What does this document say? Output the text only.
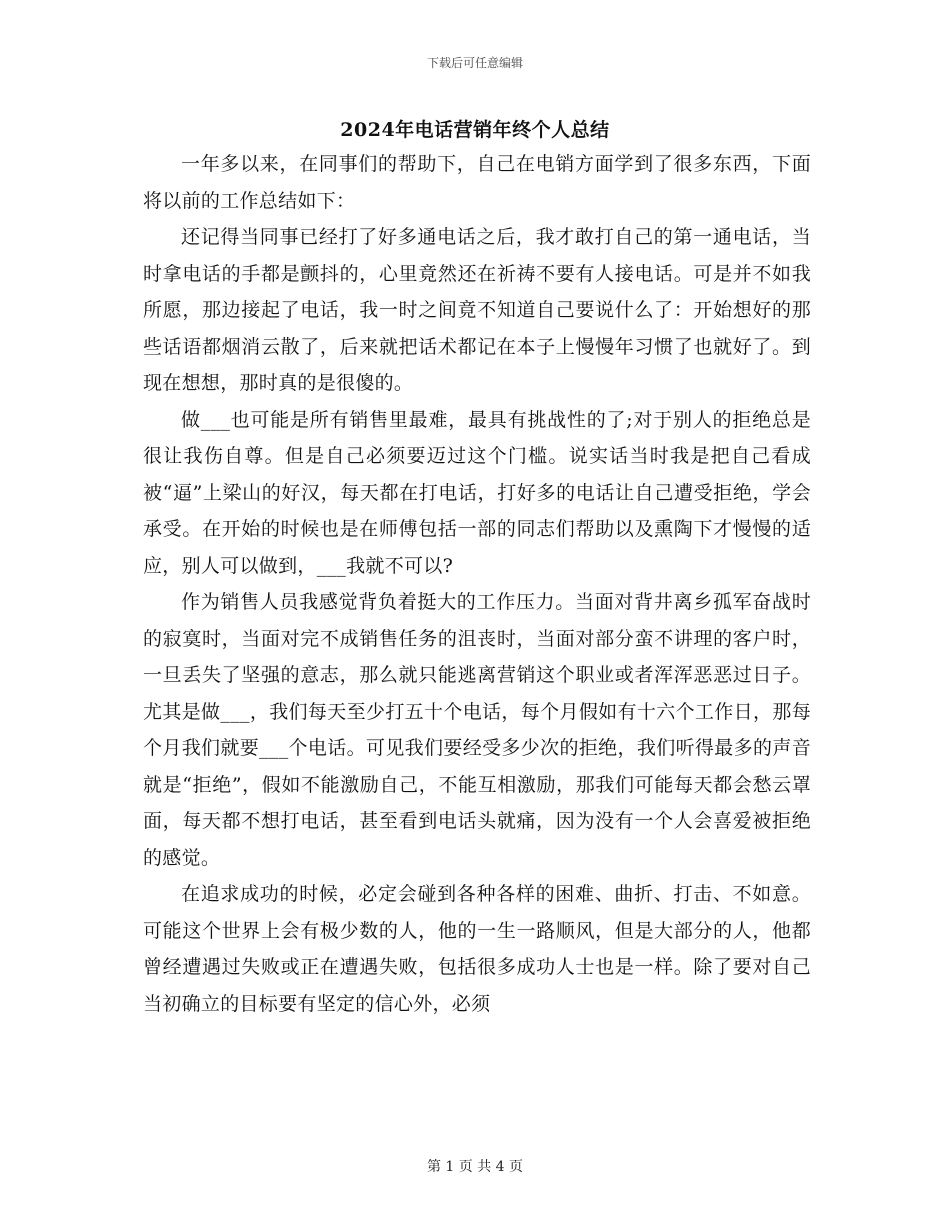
下载后可任意编辑
2024年电话营销年终个人总结

一年多以来，在同事们的帮助下，自己在电销方面学到了很多东西，下面将以前的工作总结如下：

还记得当同事已经打了好多通电话之后，我才敢打自己的第一通电话，当时拿电话的手都是颤抖的，心里竟然还在祈祷不要有人接电话。可是并不如我所愿，那边接起了电话，我一时之间竟不知道自己要说什么了：开始想好的那些话语都烟消云散了，后来就把话术都记在本子上慢慢年习惯了也就好了。到现在想想，那时真的是很傻的。

做___也可能是所有销售里最难，最具有挑战性的了;对于别人的拒绝总是很让我伤自尊。但是自己必须要迈过这个门槛。说实话当时我是把自己看成被“逼”上梁山的好汉，每天都在打电话，打好多的电话让自己遭受拒绝，学会承受。在开始的时候也是在师傅包括一部的同志们帮助以及熏陶下才慢慢的适应，别人可以做到，___我就不可以?

作为销售人员我感觉背负着挺大的工作压力。当面对背井离乡孤军奋战时的寂寞时，当面对完不成销售任务的沮丧时，当面对部分蛮不讲理的客户时，一旦丢失了坚强的意志，那么就只能逃离营销这个职业或者浑浑恶恶过日子。尤其是做___，我们每天至少打五十个电话，每个月假如有十六个工作日，那每个月我们就要___个电话。可见我们要经受多少次的拒绝，我们听得最多的声音就是“拒绝”，假如不能激励自己，不能互相激励，那我们可能每天都会愁云罩面，每天都不想打电话，甚至看到电话头就痛，因为没有一个人会喜爱被拒绝的感觉。

在追求成功的时候，必定会碰到各种各样的困难、曲折、打击、不如意。可能这个世界上会有极少数的人，他的一生一路顺风，但是大部分的人，他都曾经遭遇过失败或正在遭遇失败，包括很多成功人士也是一样。除了要对自己当初确立的目标要有坚定的信心外，必须

第 1 页 共 4 页
